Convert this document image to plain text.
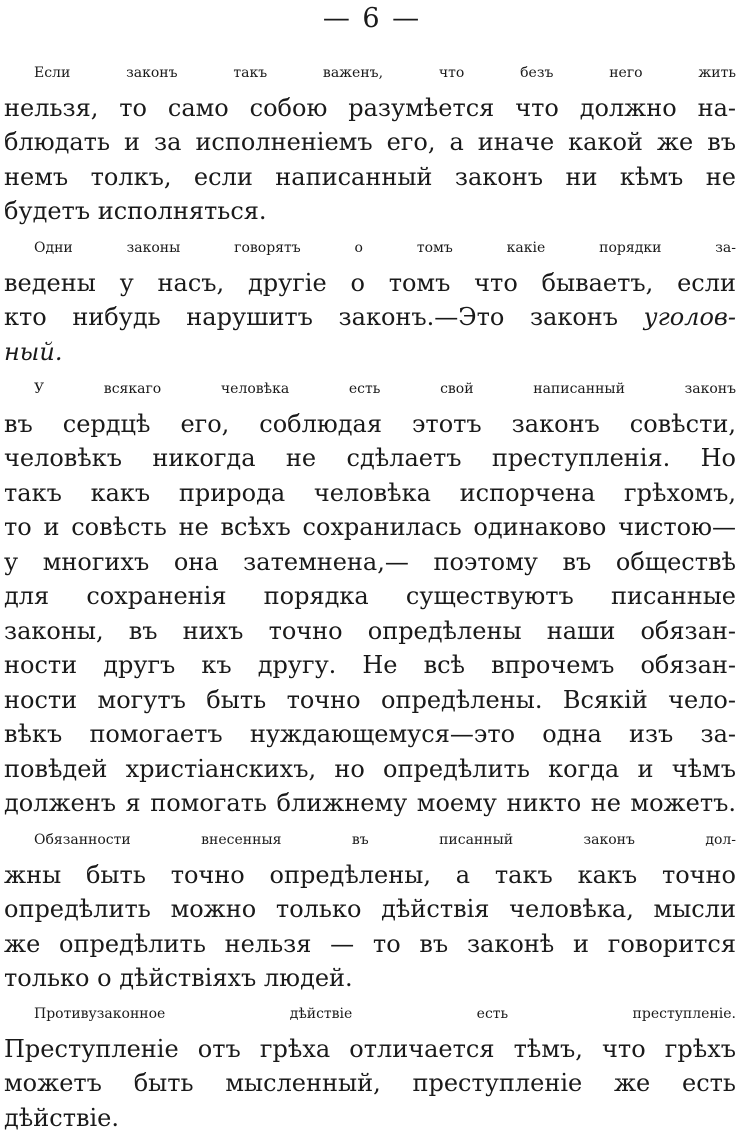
— 6 —
Если законъ такъ важенъ, что безъ него жить
нельзя, то само собою разумѣется что должно на-
блюдать и за исполненіемъ его, а иначе какой же въ
немъ толкъ, если написанный законъ ни кѣмъ не
будетъ исполняться.
Одни законы говорятъ о томъ какіе порядки за-
ведены у насъ, другіе о томъ что бываетъ, если
кто нибудь нарушитъ законъ.—Это законъ уголов-
ный.
У всякаго человѣка есть свой написанный законъ
въ сердцѣ его, соблюдая этотъ законъ совѣсти,
человѣкъ никогда не сдѣлаетъ преступленія. Но
такъ какъ природа человѣка испорчена грѣхомъ,
то и совѣсть не всѣхъ сохранилась одинаково чистою—
у многихъ она затемнена,— поэтому въ обществѣ
для сохраненія порядка существуютъ писанные
законы, въ нихъ точно опредѣлены наши обязан-
ности другъ къ другу. Не всѣ впрочемъ обязан-
ности могутъ быть точно опредѣлены. Всякій чело-
вѣкъ помогаетъ нуждающемуся—это одна изъ за-
повѣдей христіанскихъ, но опредѣлить когда и чѣмъ
долженъ я помогать ближнему моему никто не можетъ.
Обязанности внесенныя въ писанный законъ дол-
жны быть точно опредѣлены, а такъ какъ точно
опредѣлить можно только дѣйствія человѣка, мысли
же опредѣлить нельзя — то въ законѣ и говорится
только о дѣйствіяхъ людей.
Противузаконное дѣйствіе есть преступленіе.
Преступленіе отъ грѣха отличается тѣмъ, что грѣхъ
можетъ быть мысленный, преступленіе же есть
дѣйствіе.
